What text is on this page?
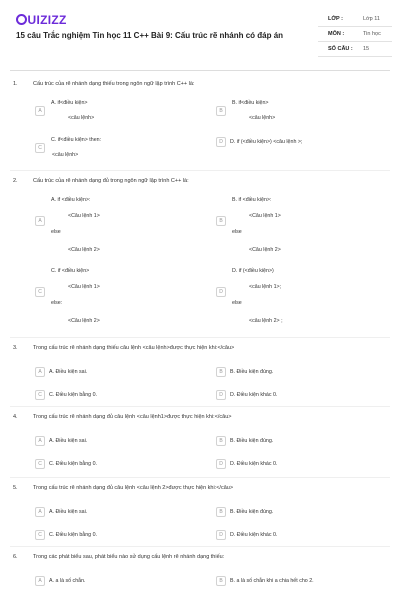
UIZIZZ
15 câu Trắc nghiệm Tin học 11 C++ Bài 9: Cấu trúc rẽ nhánh có đáp án
LỚP :	Lớp 11
MÔN :	Tin học
SỐ CÂU : 15
1.	Cấu trúc của rẽ nhánh dạng thiếu trong ngôn ngữ lập trình C++ là:
A
A. if<điều kiện>
<câu lệnh>
B
B. if<điều kiện>
<câu lệnh>
C
C. if<điều kiện> then:
<câu lệnh>
D	D. if (<điều kiện>) <câu lệnh >;
2.	Cấu trúc của rẽ nhánh dạng đủ trong ngôn ngữ lập trình C++ là:
A
A. if <điều kiện>:
<Câu lệnh 1>
else
<Câu lệnh 2>
B
B. if <điều kiện>:
<Câu lệnh 1>
else
<Câu lệnh 2>
C
C. if <điều kiện>
<Câu lệnh 1>
else:
<Câu lệnh 2>
D
D. if (<điều kiện>)
<câu lệnh 1>;
else
<câu lệnh 2> ;
3.	Trong cấu trúc rẽ nhánh dạng thiếu câu lệnh <câu lệnh>được thực hiện khi:</câu>
A	A. Điều kiện sai.	B	B. Điều kiện đúng.
C	C. Điều kiện bằng 0.	D	D. Điều kiện khác 0.
4.	Trong cấu trúc rẽ nhánh dạng đủ câu lệnh <câu lệnh1>được thực hiện khi:</câu>
A	A. Điều kiện sai.	B	B. Điều kiện đúng.
C	C. Điều kiện bằng 0.	D	D. Điều kiện khác 0.
5.	Trong cấu trúc rẽ nhánh dạng đủ câu lệnh <câu lệnh 2>được thực hiện khi:</câu>
A	A. Điều kiện sai.	B	B. Điều kiện đúng.
C	C. Điều kiện bằng 0.	D	D. Điều kiện khác 0.
6.	Trong các phát biểu sau, phát biểu nào sử dụng cấu lệnh rẽ nhánh dạng thiếu:
A	A. a là số chẵn.	B	B. a là số chẵn khi a chia hết cho 2.
